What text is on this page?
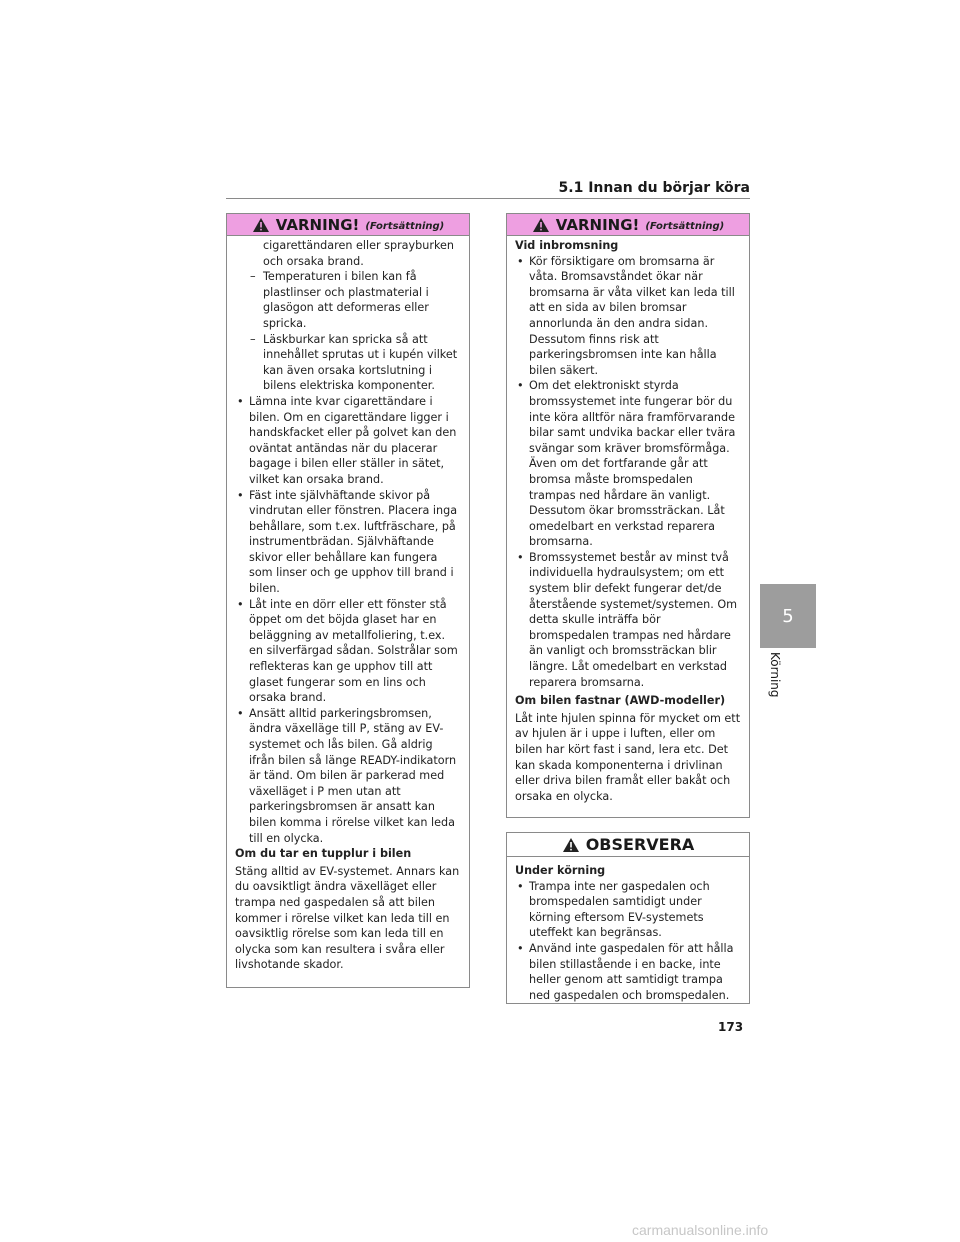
5.1 Innan du börjar köra
5
Körning
VARNING! (Fortsättning)

cigarettändaren eller sprayburken

och orsaka brand.

– Temperaturen i bilen kan få plastlinser och plastmaterial i glasögon att deformeras eller spricka.
– Läskburkar kan spricka så att innehållet sprutas ut i kupén vilket kan även orsaka kortslutning i bilens elektriska komponenter.
• Lämna inte kvar cigarettändare i bilen. Om en cigarettändare ligger i handskfacket eller på golvet kan den oväntat antändas när du placerar bagage i bilen eller ställer in sätet, vilket kan orsaka brand.
• Fäst inte självhäftande skivor på vindrutan eller fönstren. Placera inga behållare, som t.ex. luftfräschare, på instrumentbrädan. Självhäftande skivor eller behållare kan fungera som linser och ge upphov till brand i bilen.
• Låt inte en dörr eller ett fönster stå öppet om det böjda glaset har en beläggning av metallfoliering, t.ex. en silverfärgad sådan. Solstrålar som reflekteras kan ge upphov till att glaset fungerar som en lins och orsaka brand.
• Ansätt alltid parkeringsbromsen, ändra växelläge till P, stäng av EV-systemet och lås bilen. Gå aldrig ifrån bilen så länge READY-indikatorn är tänd. Om bilen är parkerad med växelläget i P men utan att parkeringsbromsen är ansatt kan bilen komma i rörelse vilket kan leda till en olycka.

Om du tar en tupplur i bilen

Stäng alltid av EV-systemet. Annars kan du oavsiktligt ändra växelläget eller trampa ned gaspedalen så att bilen kommer i rörelse vilket kan leda till en oavsiktlig rörelse som kan leda till en olycka som kan resultera i svåra eller livshotande skador.

VARNING! (Fortsättning)

Vid inbromsning

• Kör försiktigare om bromsarna är våta. Bromsavståndet ökar när bromsarna är våta vilket kan leda till att en sida av bilen bromsar annorlunda än den andra sidan. Dessutom finns risk att parkeringsbromsen inte kan hålla bilen säkert.
• Om det elektroniskt styrda bromssystemet inte fungerar bör du inte köra alltför nära framförvarande bilar samt undvika backar eller tvära svängar som kräver bromsförmåga. Även om det fortfarande går att bromsa måste bromspedalen trampas ned hårdare än vanligt. Dessutom ökar bromssträckan. Låt omedelbart en verkstad reparera bromsarna.
• Bromssystemet består av minst två individuella hydraulsystem; om ett system blir defekt fungerar det/de återstående systemet/systemen. Om detta skulle inträffa bör bromspedalen trampas ned hårdare än vanligt och bromssträckan blir längre. Låt omedelbart en verkstad reparera bromsarna.

Om bilen fastnar (AWD-modeller)

Låt inte hjulen spinna för mycket om ett av hjulen är i uppe i luften, eller om bilen har kört fast i sand, lera etc. Det kan skada komponenterna i drivlinan eller driva bilen framåt eller bakåt och orsaka en olycka.

OBSERVERA

Under körning

• Trampa inte ner gaspedalen och bromspedalen samtidigt under körning eftersom EV-systemets uteffekt kan begränsas.
• Använd inte gaspedalen för att hålla bilen stillastående i en backe, inte heller genom att samtidigt trampa ned gaspedalen och bromspedalen.
173
carmanualsonline.info
